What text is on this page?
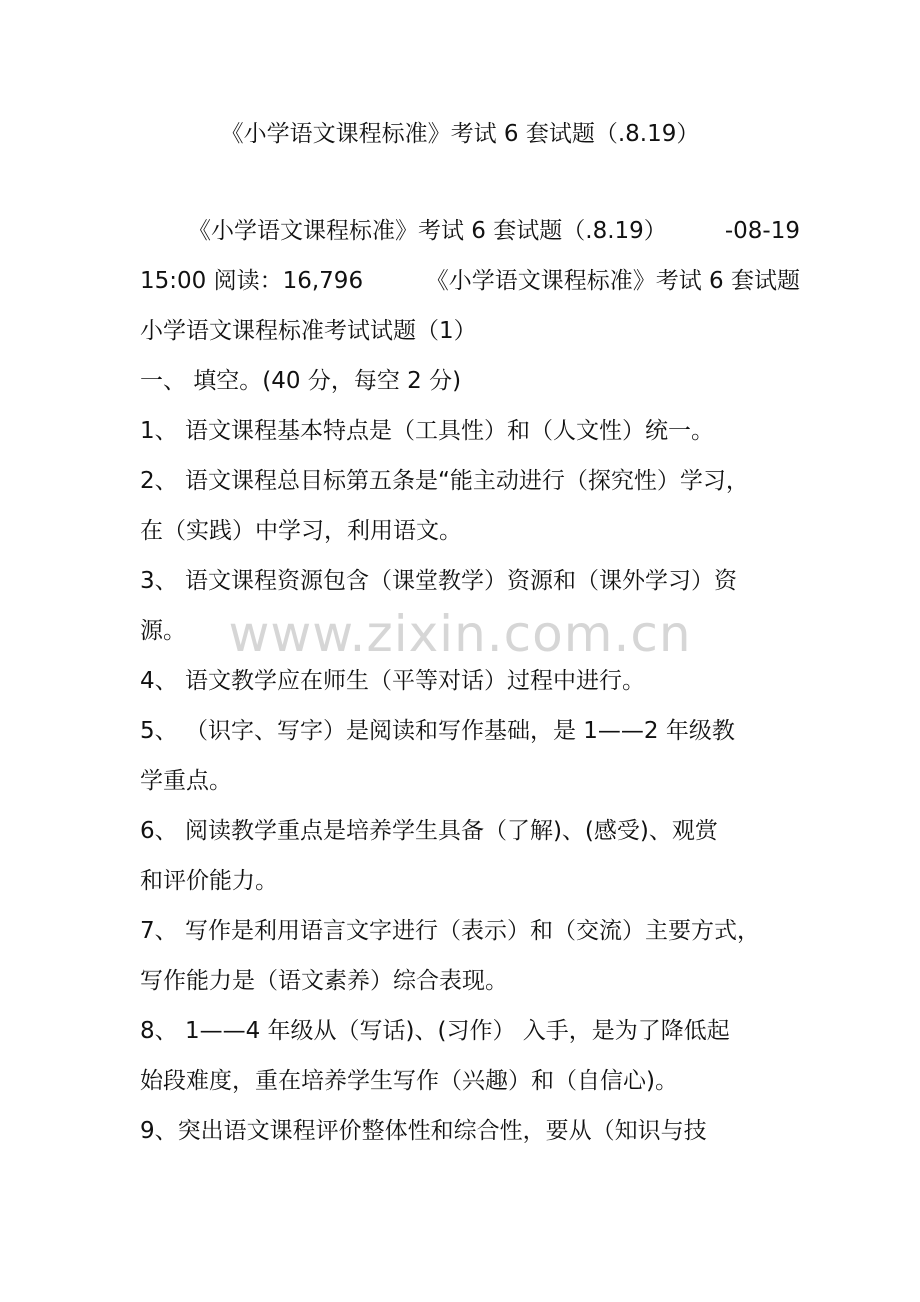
《小学语文课程标准》考试 6 套试题（.8.19）
《小学语文课程标准》考试 6 套试题（.8.19）	-08-19
15:00 阅读：16,796	《小学语文课程标准》考试 6 套试题
小学语文课程标准考试试题（1）
一、 填空。(40 分，每空 2 分)
1、 语文课程基本特点是（工具性）和（人文性）统一。
2、 语文课程总目标第五条是“能主动进行（探究性）学习，
在（实践）中学习，利用语文。
3、 语文课程资源包含（课堂教学）资源和（课外学习）资
源。
4、 语文教学应在师生（平等对话）过程中进行。
5、 （识字、写字）是阅读和写作基础，是 1——2 年级教
学重点。
6、 阅读教学重点是培养学生具备（了解)、(感受)、观赏
和评价能力。
7、 写作是利用语言文字进行（表示）和（交流）主要方式，
写作能力是（语文素养）综合表现。
8、 1——4 年级从（写话)、(习作） 入手，是为了降低起
始段难度，重在培养学生写作（兴趣）和（自信心)。
9、突出语文课程评价整体性和综合性，要从（知识与技
www.zixin.com.cn
